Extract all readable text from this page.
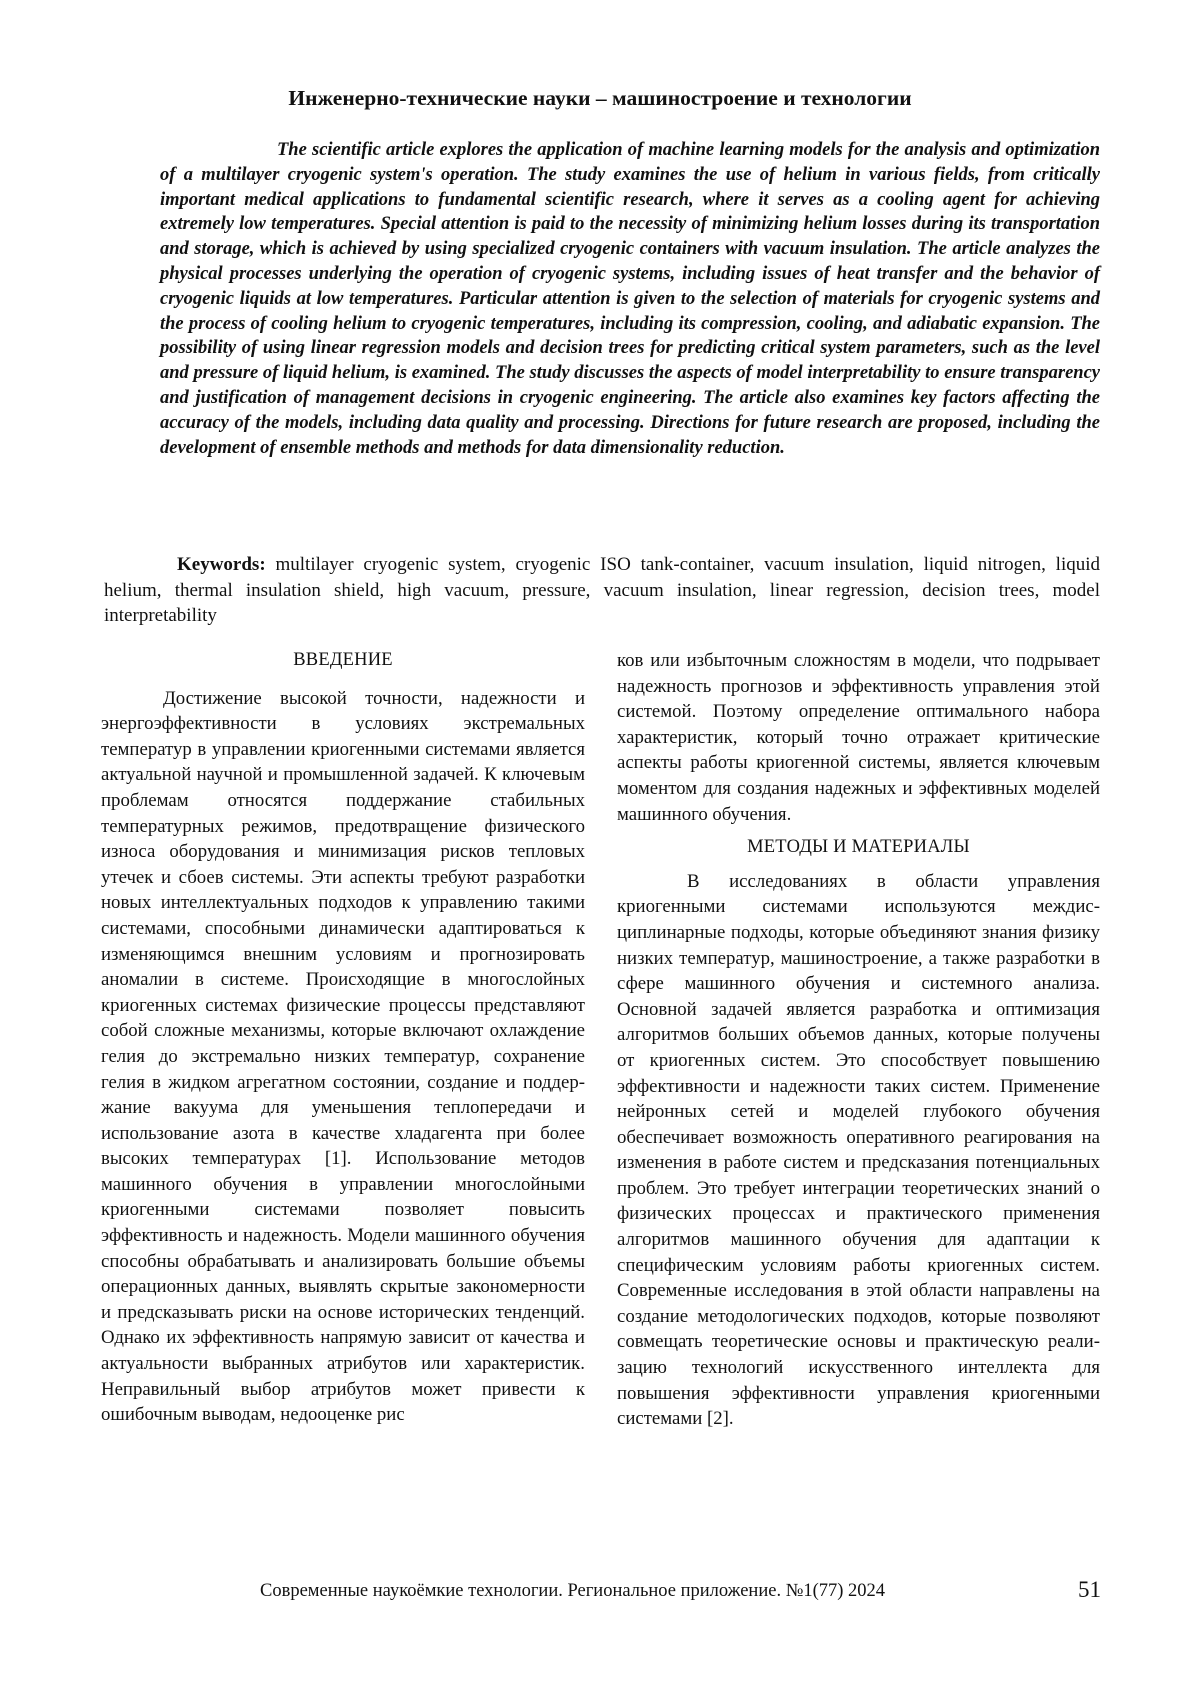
Инженерно-технические науки – машиностроение и технологии

The scientific article explores the application of machine learning models for the analysis and optimization of a multilayer cryogenic system's operation. The study examines the use of helium in various fields, from critically important medical applications to fundamental scientific research, where it serves as a cooling agent for achieving extremely low temperatures. Special attention is paid to the necessity of minimizing helium losses during its transportation and storage, which is achieved by using specialized cryogenic containers with vacuum insulation. The article analyzes the physical processes underlying the operation of cryogenic systems, including issues of heat transfer and the behavior of cryogenic liquids at low temperatures. Particular attention is given to the selection of materials for cryogenic systems and the process of cooling helium to cryogenic temperatures, including its compression, cooling, and adiabatic expansion. The possibility of using linear regression models and decision trees for predicting critical system parameters, such as the level and pressure of liquid helium, is examined. The study discusses the aspects of model interpretability to ensure transparency and justification of management decisions in cryogenic engineering. The article also examines key factors affecting the accuracy of the models, including data quality and processing. Directions for future research are proposed, including the development of ensemble methods and methods for data dimensionality reduction.

Keywords: multilayer cryogenic system, cryogenic ISO tank-container, vacuum insulation, liquid nitrogen, liquid helium, thermal insulation shield, high vacuum, pressure, vacuum insulation, linear regression, decision trees, model interpretability

ВВЕДЕНИЕ

Достижение высокой точности, надежности и энергоэффективности в условиях экстремальных температур в управлении криогенными системами является актуальной научной и промышленной задачей. К ключевым проблемам относятся поддержание стабильных температурных режимов, предотвращение физического износа оборудования и минимизация рисков тепловых утечек и сбоев системы. Эти аспекты требуют разработки новых интеллектуальных подходов к управлению такими системами, способными динамически адаптироваться к изменяющимся внешним условиям и прогнозировать аномалии в системе. Происходящие в многослойных криогенных системах физические процессы представляют собой сложные механизмы, которые включают охлаждение гелия до экстремально низких температур, сохранение гелия в жидком агрегатном состоянии, создание и поддержание вакуума для уменьшения теплопередачи и использование азота в качестве хладагента при более высоких температурах [1]. Использование методов машинного обучения в управлении многослойными криогенными системами позволяет повысить эффективность и надежность. Модели машинного обучения способны обрабатывать и анализировать большие объемы операционных данных, выявлять скрытые закономерности и предсказывать риски на основе исторических тенденций. Однако их эффективность напрямую зависит от качества и актуальности выбранных атрибутов или характеристик. Неправильный выбор атрибутов может привести к ошибочным выводам, недооценке рис

ков или избыточным сложностям в модели, что подрывает надежность прогнозов и эффективность управления этой системой. Поэтому определение оптимального набора характеристик, который точно отражает критические аспекты работы криогенной системы, является ключевым моментом для создания надежных и эффективных моделей машинного обучения.

МЕТОДЫ И МАТЕРИАЛЫ

В исследованиях в области управления криогенными системами используются междисциплинарные подходы, которые объединяют знания физику низких температур, машиностроение, а также разработки в сфере машинного обучения и системного анализа. Основной задачей является разработка и оптимизация алгоритмов больших объемов данных, которые получены от криогенных систем. Это способствует повышению эффективности и надежности таких систем. Применение нейронных сетей и моделей глубокого обучения обеспечивает возможность оперативного реагирования на изменения в работе систем и предсказания потенциальных проблем. Это требует интеграции теоретических знаний о физических процессах и практического применения алгоритмов машинного обучения для адаптации к специфическим условиям работы криогенных систем. Современные исследования в этой области направлены на создание методологических подходов, которые позволяют совмещать теоретические основы и практическую реализацию технологий искусственного интеллекта для повышения эффективности управления криогенными системами [2].

Современные наукоёмкие технологии. Региональное приложение. №1(77) 2024	51
